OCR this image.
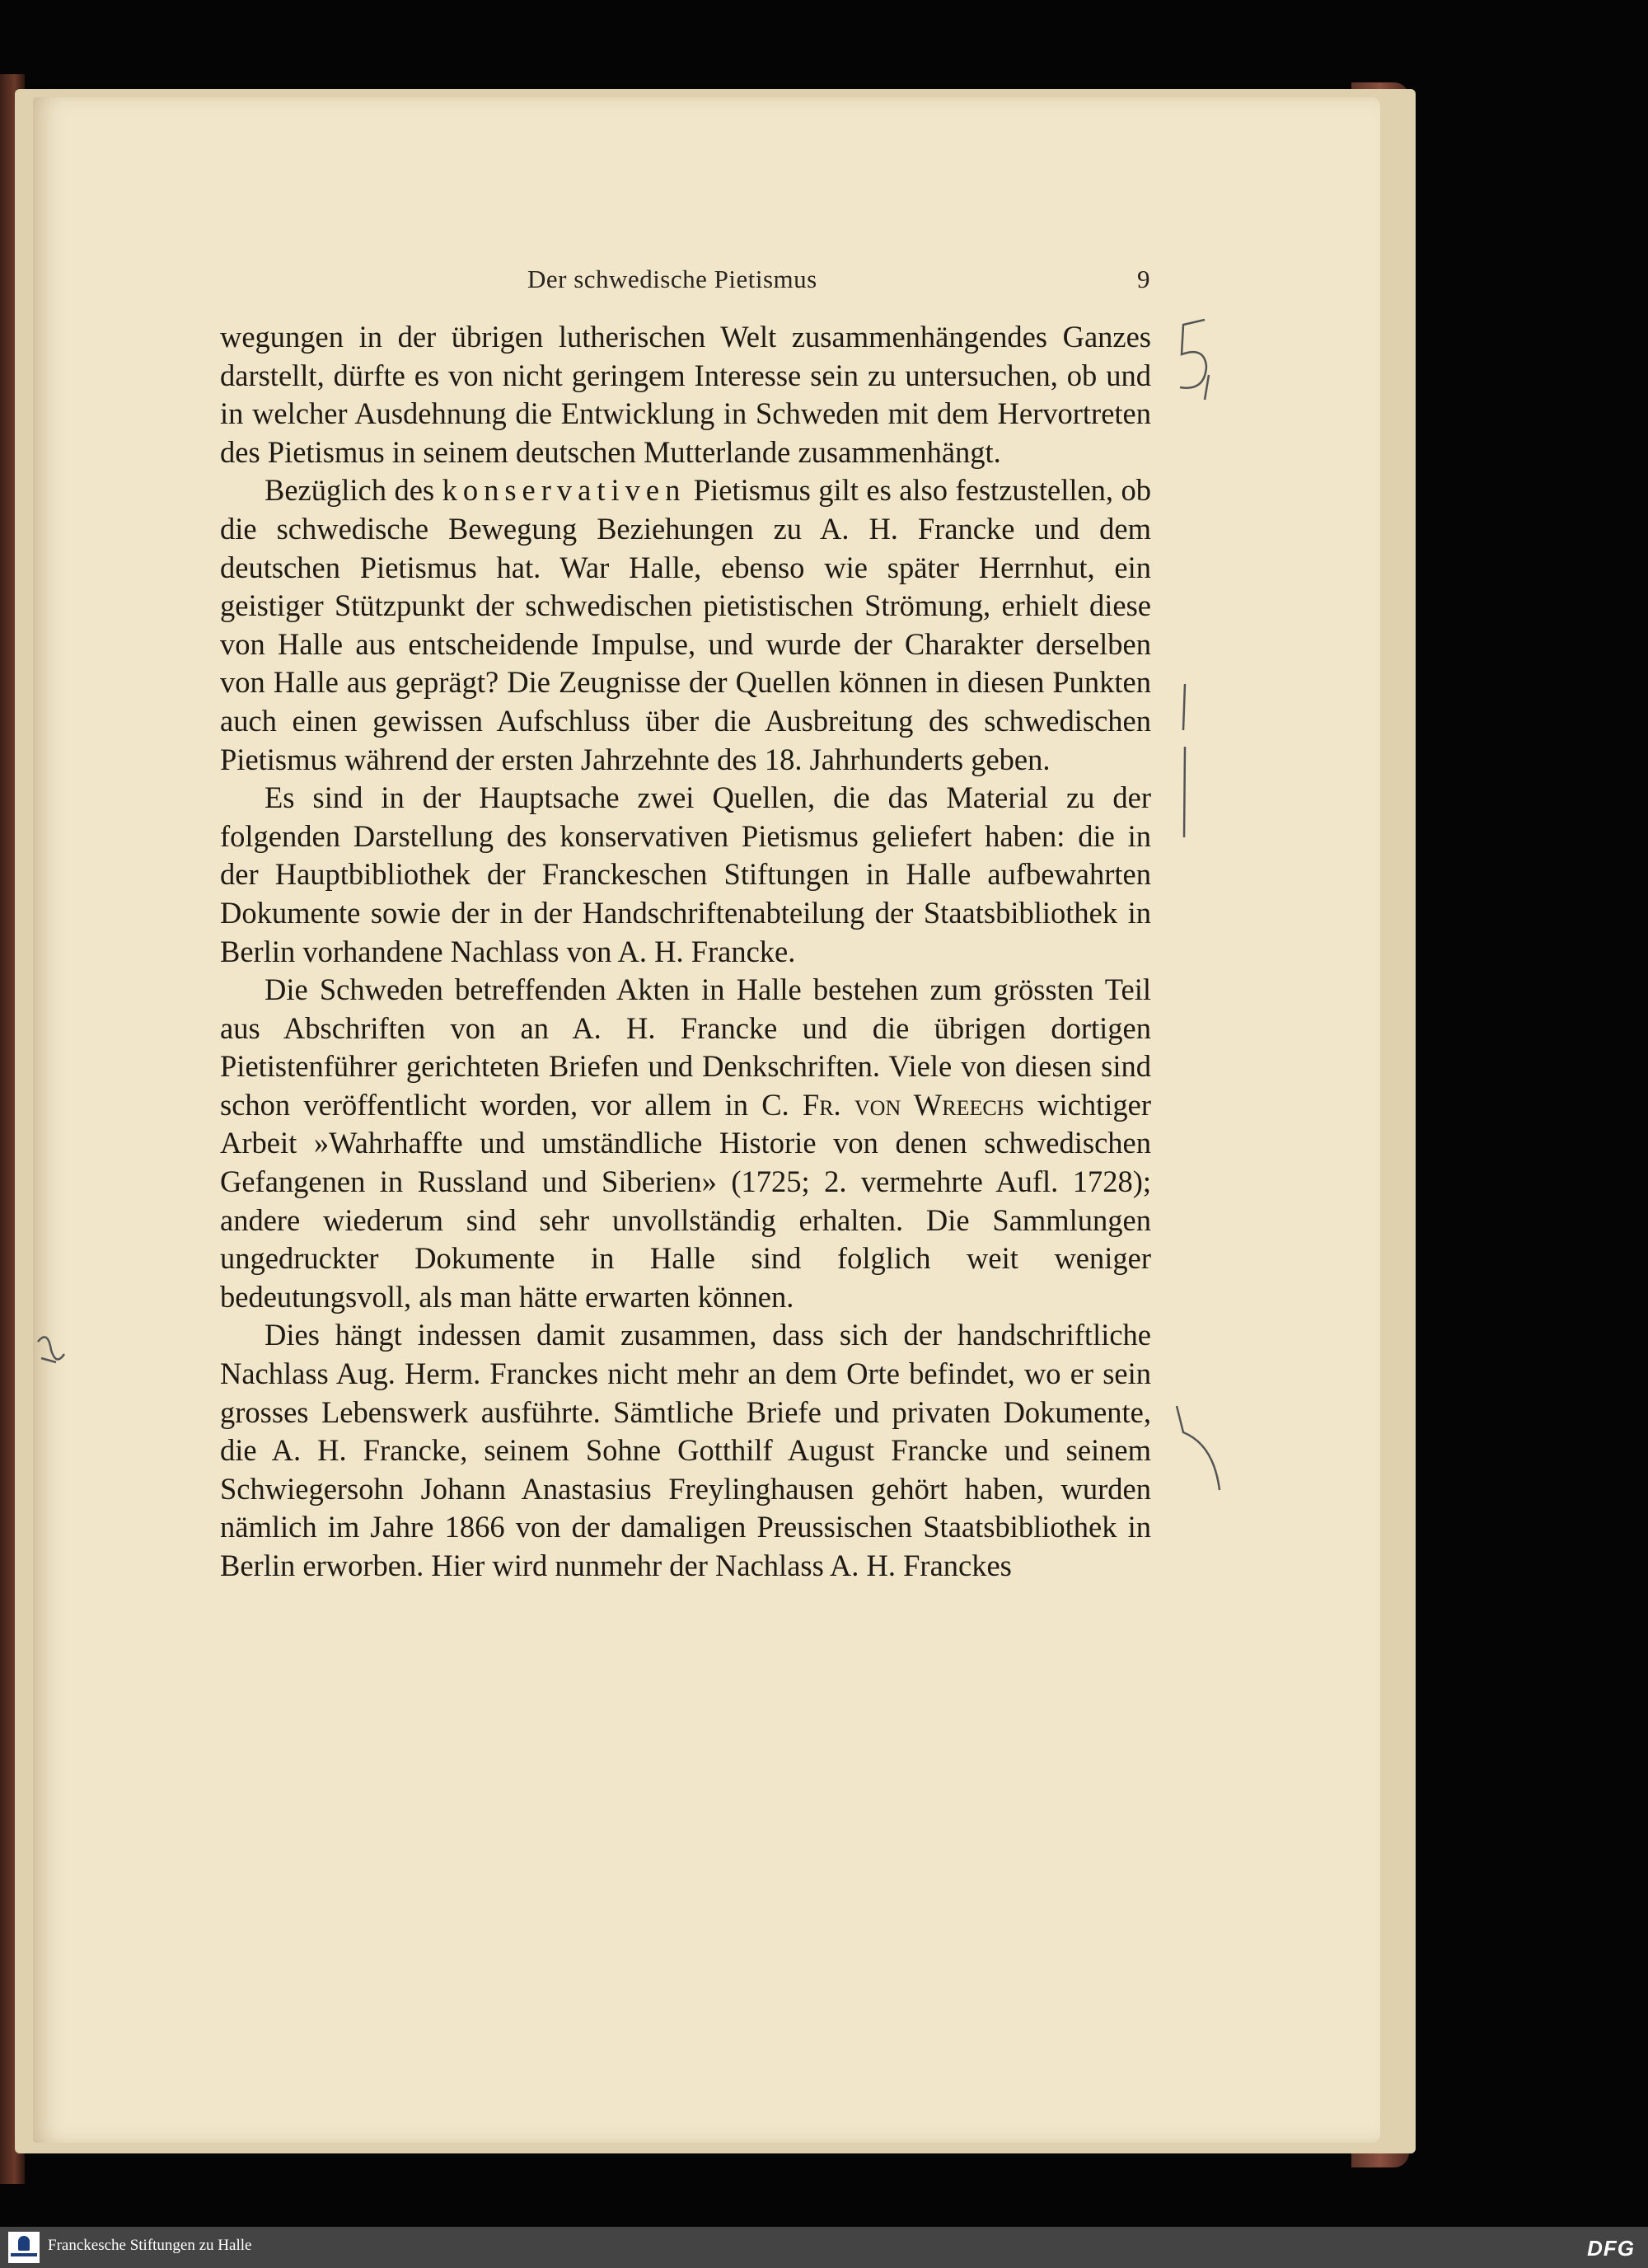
Der schwedische Pietismus	9

wegungen in der übrigen lutherischen Welt zusammenhängendes Ganzes darstellt, dürfte es von nicht geringem Interesse sein zu untersuchen, ob und in welcher Ausdehnung die Entwicklung in Schweden mit dem Hervortreten des Pietismus in seinem deutschen Mutterlande zusammenhängt.

Bezüglich des konservativen Pietismus gilt es also festzustellen, ob die schwedische Bewegung Beziehungen zu A. H. Francke und dem deutschen Pietismus hat. War Halle, ebenso wie später Herrnhut, ein geistiger Stützpunkt der schwedischen pietistischen Strömung, erhielt diese von Halle aus entscheidende Impulse, und wurde der Charakter derselben von Halle aus geprägt? Die Zeugnisse der Quellen können in diesen Punkten auch einen gewissen Aufschluss über die Ausbreitung des schwedischen Pietismus während der ersten Jahrzehnte des 18. Jahrhunderts geben.

Es sind in der Hauptsache zwei Quellen, die das Material zu der folgenden Darstellung des konservativen Pietismus geliefert haben: die in der Hauptbibliothek der Franckeschen Stiftungen in Halle aufbewahrten Dokumente sowie der in der Handschriftenabteilung der Staatsbibliothek in Berlin vorhandene Nachlass von A. H. Francke.

Die Schweden betreffenden Akten in Halle bestehen zum grössten Teil aus Abschriften von an A. H. Francke und die übrigen dortigen Pietistenführer gerichteten Briefen und Denkschriften. Viele von diesen sind schon veröffentlicht worden, vor allem in C. Fr. von Wreechs wichtiger Arbeit »Wahrhaffte und umständliche Historie von denen schwedischen Gefangenen in Russland und Siberien» (1725; 2. vermehrte Aufl. 1728); andere wiederum sind sehr unvollständig erhalten. Die Sammlungen ungedruckter Dokumente in Halle sind folglich weit weniger bedeutungsvoll, als man hätte erwarten können.

Dies hängt indessen damit zusammen, dass sich der handschriftliche Nachlass Aug. Herm. Franckes nicht mehr an dem Orte befindet, wo er sein grosses Lebenswerk ausführte. Sämtliche Briefe und privaten Dokumente, die A. H. Francke, seinem Sohne Gotthilf August Francke und seinem Schwiegersohn Johann Anastasius Freylinghausen gehört haben, wurden nämlich im Jahre 1866 von der damaligen Preussischen Staatsbibliothek in Berlin erworben. Hier wird nunmehr der Nachlass A. H. Franckes

Franckesche Stiftungen zu Halle	DFG
